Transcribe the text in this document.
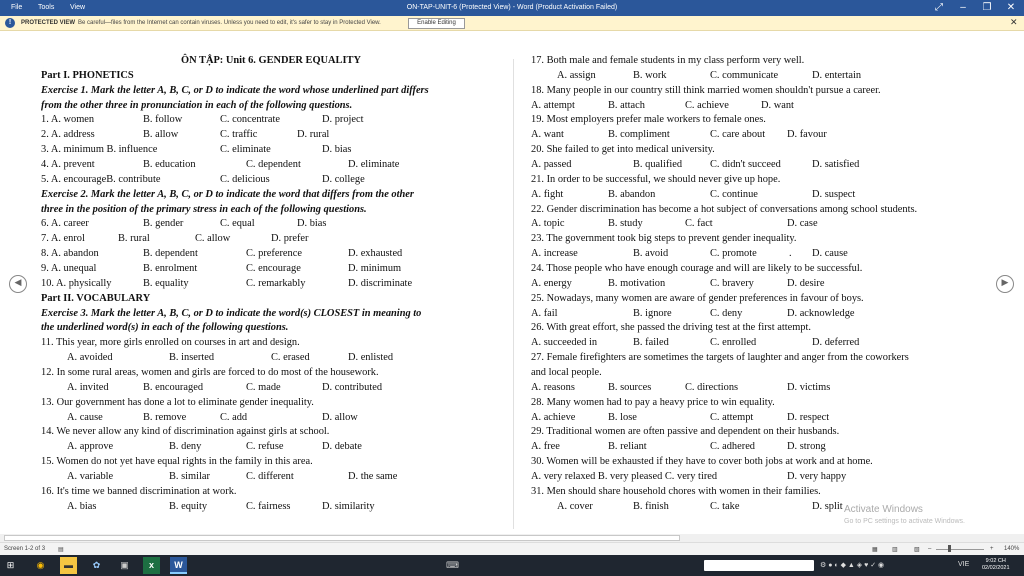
File Tools View	ON-TAP-UNIT-6 (Protected View) - Word (Product Activation Failed)	⤢	–	❐ ✕
!	PROTECTED VIEW Be careful—files from the Internet can contain viruses. Unless you need to edit, it's safer to stay in Protected View.	Enable Editing	✕
◀	▶
ÔN TẬP: Unit 6. GENDER EQUALITY
Part I. PHONETICS
Exercise 1. Mark the letter A, B, C, or D to indicate the word whose underlined part differs
from the other three in pronunciation in each of the following questions.
1. A. women	B. follow	C. concentrate	D. project
2. A. address	B. allow	C. traffic	D. rural
3. A. minimum B. influence	C. eliminate	D. bias
4. A. prevent	B. education	C. dependent	D. eliminate
5. A. encourageB. contribute	C. delicious	D. college
Exercise 2. Mark the letter A, B, C, or D to indicate the word that differs from the other
three in the position of the primary stress in each of the following questions.
6. A. career	B. gender	C. equal	D. bias
7. A. enrol	B. rural	C. allow	D. prefer
8. A. abandon	B. dependent	C. preference	D. exhausted
9. A. unequal	B. enrolment	C. encourage	D. minimum
10. A. physically	B. equality	C. remarkably	D. discriminate
Part II. VOCABULARY
Exercise 3. Mark the letter A, B, C, or D to indicate the word(s) CLOSEST in meaning to
the underlined word(s) in each of the following questions.
11. This year, more girls enrolled on courses in art and design.
A. avoided	B. inserted	C. erased	D. enlisted
12. In some rural areas, women and girls are forced to do most of the housework.
A. invited	B. encouraged	C. made	D. contributed
13. Our government has done a lot to eliminate gender inequality.
A. cause	B. remove	C. add	D. allow
14. We never allow any kind of discrimination against girls at school.
A. approve	B. deny	C. refuse	D. debate
15. Women do not yet have equal rights in the family in this area.
A. variable	B. similar	C. different	D. the same
16. It's time we banned discrimination at work.
A. bias	B. equity	C. fairness	D. similarity
17. Both male and female students in my class perform very well.
A. assign	B. work	C. communicate	D. entertain
18. Many people in our country still think married women shouldn't pursue a career.
A. attempt	B. attach	C. achieve	D. want
19. Most employers prefer male workers to female ones.
A. want	B. compliment	C. care about D. favour
20. She failed to get into medical university.
A. passed	B. qualified	C. didn't succeed	D. satisfied
21. In order to be successful, we should never give up hope.
A. fight	B. abandon	C. continue	D. suspect
22. Gender discrimination has become a hot subject of conversations among school students.
A. topic	B. study	C. fact	D. case
23. The government took big steps to prevent gender inequality.
A. increase	B. avoid	C. promote	. D. cause
24. Those people who have enough courage and will are likely to be successful.
A. energy	B. motivation	C. bravery	D. desire
25. Nowadays, many women are aware of gender preferences in favour of boys.
A. fail	B. ignore	C. deny	D. acknowledge
26. With great effort, she passed the driving test at the first attempt.
A. succeeded in	B. failed	C. enrolled	D. deferred
27. Female firefighters are sometimes the targets of laughter and anger from the coworkers
and local people.
A. reasons	B. sources	C. directions	D. victims
28. Many women had to pay a heavy price to win equality.
A. achieve	B. lose	C. attempt	D. respect
29. Traditional women are often passive and dependent on their husbands.
A. free	B. reliant	C. adhered	D. strong
30. Women will be exhausted if they have to cover both jobs at work and at home.
A. very relaxed B. very pleased C. very tired	D. very happy
31. Men should share household chores with women in their families.
A. cover	B. finish	C. take	D. split Activate Windows
Go to PC settings to activate Windows.
Screen 1-2 of 3 ▤	▦ ▥	▧ –	+ 140%
⊞	◉	▬	✿	▣	x	W	⌨	⚙ ● ◐ ◆ ▲ ◈ ♥ ✓ ◉	VIE	9:02 CH
02/02/2021
